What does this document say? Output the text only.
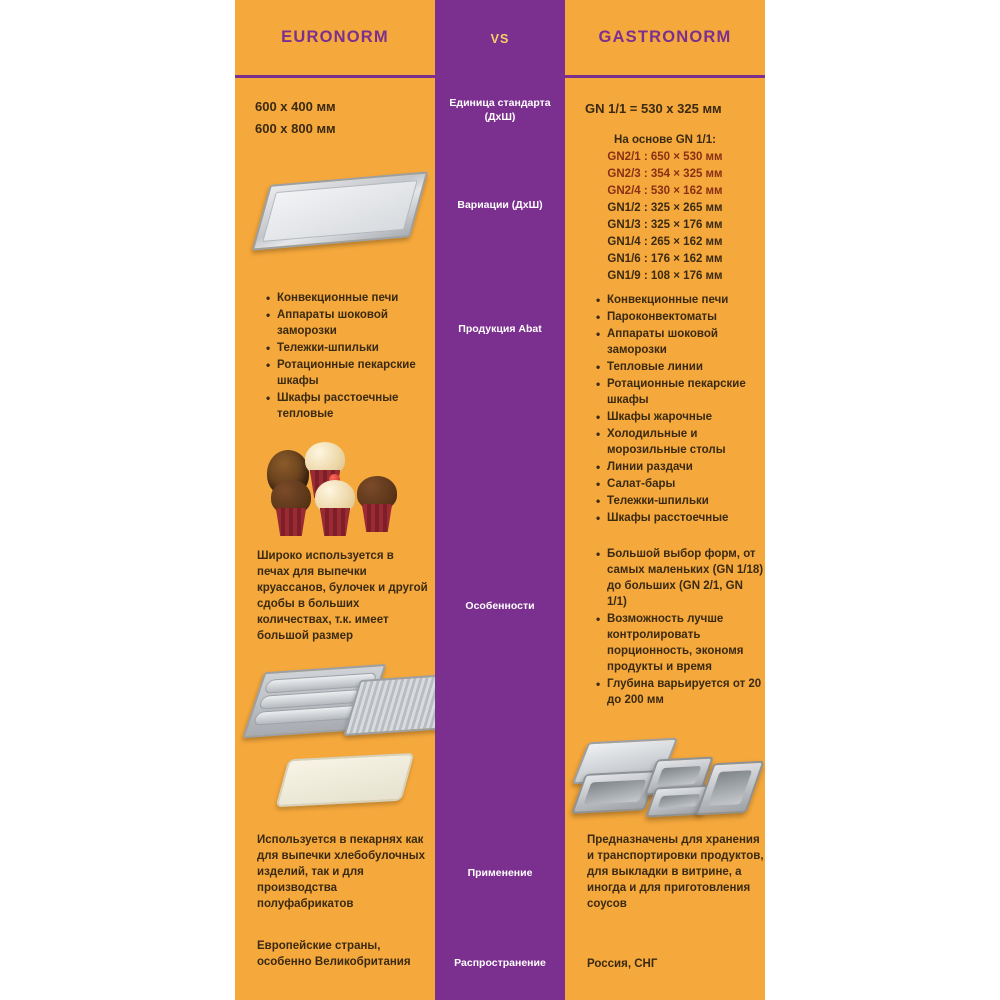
EURONORM
600 х 400 мм
600 х 800 мм
• Конвекционные печи
• Аппараты шоковой заморозки
• Тележки-шпильки
• Ротационные пекарские шкафы
• Шкафы расстоечные тепловые
Широко используется в печах для выпечки круассанов, булочек и другой сдобы в больших количествах, т.к. имеет большой размер
Используется в пекарнях как для выпечки хлебобулочных изделий, так и для производства полуфабрикатов
Европейские страны, особенно Великобритания
VS
Единица стандарта
(ДхШ)
Вариации (ДхШ)
Продукция Abat
Особенности
Применение
Распространение
GASTRONORM
GN 1/1 = 530 х 325 мм
На основе GN 1/1:
GN2/1 : 650 × 530 мм
GN2/3 : 354 × 325 мм
GN2/4 : 530 × 162 мм
GN1/2 : 325 × 265 мм
GN1/3 : 325 × 176 мм
GN1/4 : 265 × 162 мм
GN1/6 : 176 × 162 мм
GN1/9 : 108 × 176 мм
• Конвекционные печи
• Пароконвектоматы
• Аппараты шоковой заморозки
• Тепловые линии
• Ротационные пекарские шкафы
• Шкафы жарочные
• Холодильные и морозильные столы
• Линии раздачи
• Салат-бары
• Тележки-шпильки
• Шкафы расстоечные
• Большой выбор форм, от самых маленьких (GN 1/18) до больших (GN 2/1, GN 1/1)
• Возможность лучше контролировать порционность, экономя продукты и время
• Глубина варьируется от 20 до 200 мм
Предназначены для хранения и транспортировки продуктов, для выкладки в витрине, а иногда и для приготовления соусов
Россия, СНГ
